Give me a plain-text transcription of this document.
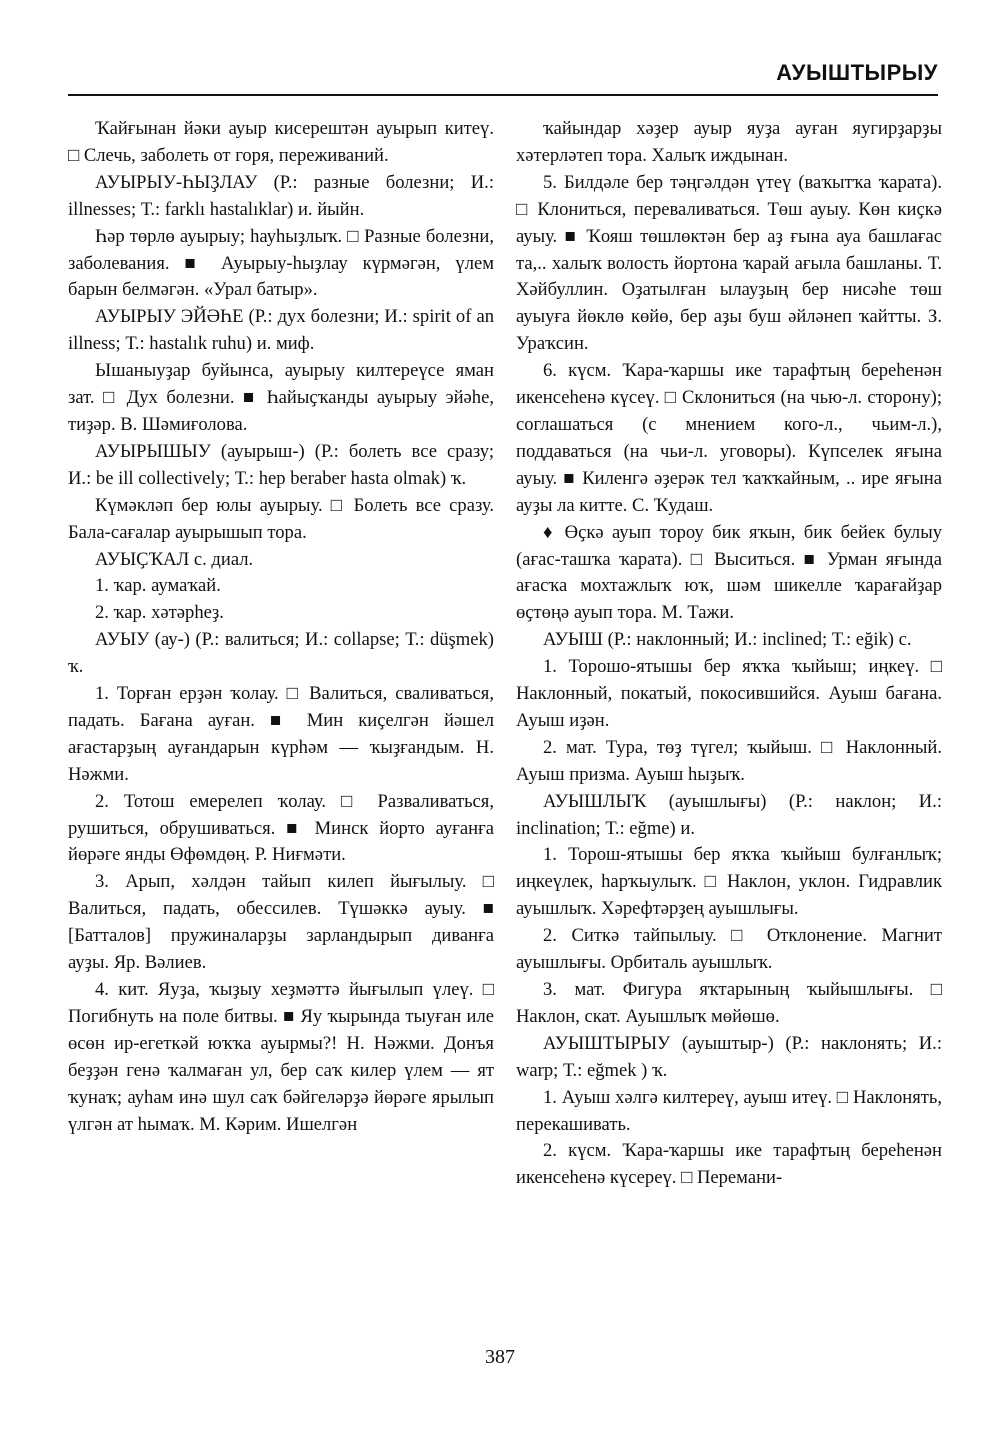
АУЫШТЫРЫУ

Ҡайғынан йәки ауыр кисерештән ауырып китеү. □ Слечь, заболеть от горя, переживаний.

АУЫРЫУ-ҺЫҘЛАУ (Р.: разные болезни; И.: illnesses; Т.: farklı hastalıklar) и. йыйн.

Һәр төрлө ауырыу; һауһыҙлыҡ. □ Разные болезни, заболевания. ■ Ауырыу-һыҙлау күрмәгән, үлем барын белмәгән. «Урал батыр».

АУЫРЫУ ЭЙӘҺЕ (Р.: дух болезни; И.: spirit of an illness; Т.: hastalık ruhu) и. миф.

Ышаныуҙар буйынса, ауырыу килтереүсе яман зат. □ Дух болезни. ■ Һайыҫҡанды ауырыу эйәһе, тиҙәр. В. Шәмиғолова.

АУЫРЫШЫУ (ауырыш-) (Р.: болеть все сразу; И.: be ill collectively; Т.: hep beraber hasta olmak) ҡ.

Күмәкләп бер юлы ауырыу. □ Болеть все сразу. Бала-сағалар ауырышып тора.

АУЫҪҠАЛ с. диал.

1. ҡар. аумаҡай.

2. ҡар. хәтәрһеҙ.

АУЫУ (ау-) (Р.: валиться; И.: collapse; Т.: düşmek) ҡ.

1. Торған ерҙән ҡолау. □ Валиться, сваливаться, падать. Бағана ауған. ■ Мин киҫелгән йәшел ағастарҙың ауғандарын күрһәм — ҡыҙғандым. Н. Нәжми.

2. Тотош емерелеп ҡолау. □ Разваливаться, рушиться, обрушиваться. ■ Минск йорто ауғанға йөрәге янды Өфөмдөң. Р. Ниғмәти.

3. Арып, хәлдән тайып килеп йығылыу. □ Валиться, падать, обессилев. Түшәккә ауыу. ■ [Батталов] пружиналарҙы зарландырып диванға ауҙы. Яр. Вәлиев.

4. кит. Яуҙа, ҡыҙыу хеҙмәттә йығылып үлеү. □ Погибнуть на поле битвы. ■ Яу ҡырында тыуған иле өсөн ир-егеткәй юҡҡа ауырмы?! Н. Нәжми. Донъя беҙҙән генә ҡалмаған ул, бер саҡ килер үлем — ят ҡунаҡ; ауһам инә шул саҡ бәйгеләрҙә йөрәге ярылып үлгән ат һымаҡ. М. Кәрим. Ишелгән

ҡайындар хәҙер ауыр яуҙа ауған яугирҙарҙы хәтерләтеп тора. Халыҡ иждынан.

5. Билдәле бер тәңгәлдән үтеү (ваҡытҡа ҡарата). □ Клониться, переваливаться. Төш ауыу. Көн киҫкә ауыу. ■ Ҡояш төшлөктән бер аҙ ғына ауа башлағас та,.. халыҡ волость йортона ҡарай ағыла башланы. Т. Хәйбуллин. Оҙатылған ылауҙың бер нисәһе төш ауыуға йөклө көйө, бер аҙы буш әйләнеп ҡайтты. З. Ураҡсин.

6. күсм. Ҡара-ҡаршы ике тарафтың береһенән икенсеһенә күсеү. □ Склониться (на чью-л. сторону); соглашаться (с мнением кого-л., чьим-л.), поддаваться (на чьи-л. уговоры). Күпселек яғына ауыу. ■ Киленгә әҙерәк тел ҡаҡҡайным, .. ире яғына ауҙы ла китте. С. Ҡудаш.

♦ Өҫкә ауып тороу бик яҡын, бик бейек булыу (ағас-ташҡа ҡарата). □ Выситься. ■ Урман яғында ағасҡа мохтажлыҡ юҡ, шәм шикелле ҡарағайҙар өҫтөңә ауып тора. М. Тажи.

АУЫШ (Р.: наклонный; И.: inclined; Т.: eğik) с.

1. Торошо-ятышы бер яҡҡа ҡыйыш; иңкеү. □ Наклонный, покатый, покосившийся. Ауыш бағана. Ауыш иҙән.

2. мат. Тура, төҙ түгел; ҡыйыш. □ Наклонный. Ауыш призма. Ауыш һыҙыҡ.

АУЫШЛЫҠ (ауышлығы) (Р.: наклон; И.: inclination; Т.: eğme) и.

1. Торош-ятышы бер яҡҡа ҡыйыш булғанлыҡ; иңкеүлек, һарҡыулыҡ. □ Наклон, уклон. Гидравлик ауышлыҡ. Хәрефтәрҙең ауышлығы.

2. Ситкә тайпылыу. □ Отклонение. Магнит ауышлығы. Орбиталь ауышлыҡ.

3. мат. Фигура яҡтарының ҡыйышлығы. □ Наклон, скат. Ауышлыҡ мөйөшө.

АУЫШТЫРЫУ (ауыштыр-) (Р.: наклонять; И.: warp; Т.: eğmek ) ҡ.

1. Ауыш хәлгә килтереү, ауыш итеү. □ Наклонять, перекашивать.

2. күсм. Ҡара-ҡаршы ике тарафтың береһенән икенсеһенә күсереү. □ Перемани-

387
